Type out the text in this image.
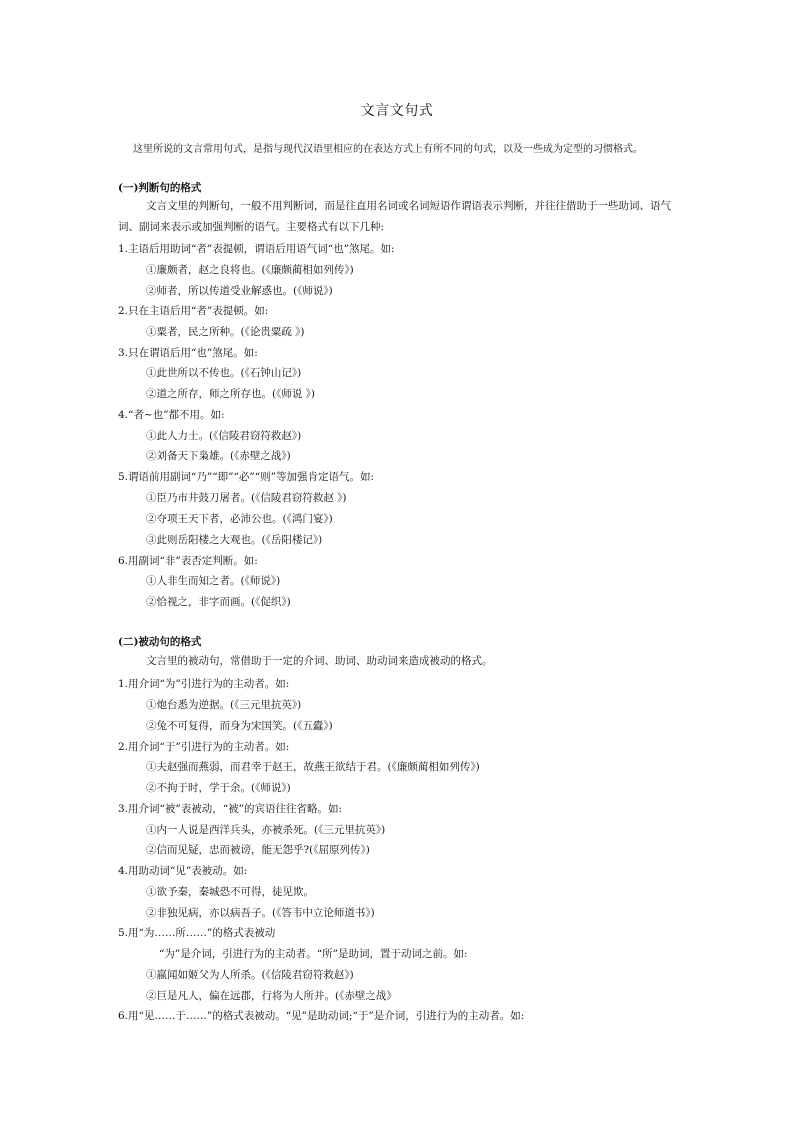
文言文句式
这里所说的文言常用句式，是指与现代汉语里相应的在表达方式上有所不同的句式，以及一些成为定型的习惯格式。
(一)判断句的格式
文言文里的判断句，一般不用判断词，而是往直用名词或名词短语作谓语表示判断，并往往借助于一些助词、语气词、副词来表示或加强判断的语气。主要格式有以下几种:
1.主语后用助词“者”表提顿，谓语后用语气词“也”煞尾。如:
①廉颇者，赵之良将也。(《廉颇蔺相如列传》)
②师者，所以传道受业解惑也。(《师说》)
2.只在主语后用“者”表提顿。如:
①粟者，民之所种。(《论贵粟疏 》)
3.只在谓语后用“也”煞尾。如:
①此世所以不传也。(《石钟山记》)
②道之所存，师之所存也。(《师说 》)
4.“者~也”都不用。如:
①此人力士。(《信陵君窃符救赵》)
②刘备天下枭雄。(《赤壁之战》)
5.谓语前用副词“乃”“即”“必”“则”等加强肯定语气。如:
①臣乃市井鼓刀屠者。(《信陵君窃符救赵 》)
②夺项王天下者，必沛公也。(《鸿门宴》)
③此则岳阳楼之大观也。(《岳阳楼记》)
6.用副词“非”表否定判断。如:
①人非生而知之者。(《师说》)
②恰视之，非字而画。(《促织》)
(二)被动句的格式
文言里的被动句，常借助于一定的介词、助词、助动词来造成被动的格式。
1.用介词“为”引进行为的主动者。如:
①炮台悉为逆据。(《三元里抗英》)
②兔不可复得，而身为宋国笑。(《五蠹》)
2.用介词“于”引进行为的主动者。如:
①夫赵强而燕弱，而君幸于赵王，故燕王欲结于君。(《廉颇蔺相如列传》)
②不拘于时，学于余。(《师说》)
3.用介词“被”表被动，“被”的宾语往往省略。如:
①内一人说是西洋兵头，亦被杀死。(《三元里抗英》)
②信而见疑，忠而被谤，能无怨乎?(《屈原列传》)
4.用助动词“见”表被动。如:
①欲予秦，秦城恐不可得，徒见欺。
②非独见病，亦以病吾子。(《答韦中立论师道书》)
5.用“为……所……”的格式表被动
“为”是介词，引进行为的主动者。“所”是助词，置于动词之前。如:
①嬴闻如姬父为人所杀。(《信陵君窃符救赵》)
②巨是凡人，偏在远郡，行将为人所并。(《赤壁之战》
6.用“见……于……”的格式表被动。“见”是助动词;“于”是介词，引进行为的主动者。如:
